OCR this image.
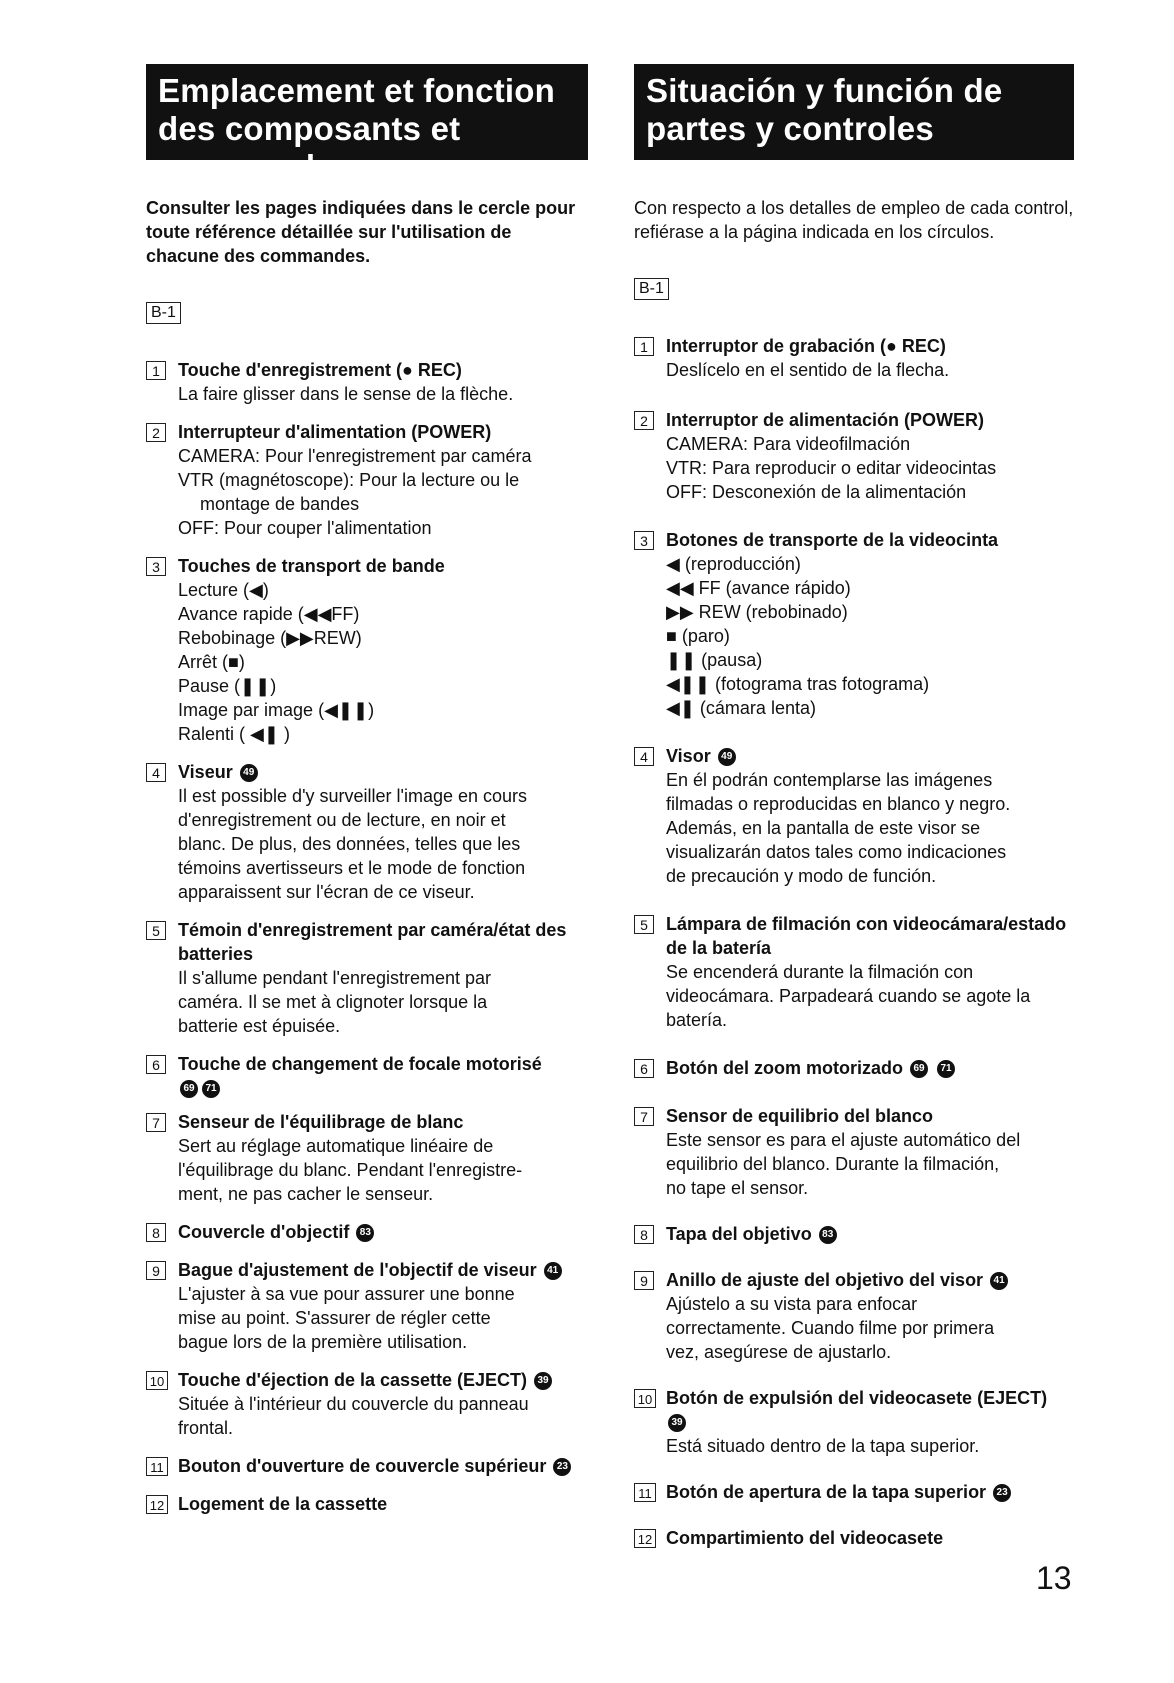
Emplacement et fonction des composants et commandes
Consulter les pages indiquées dans le cercle pour toute référence détaillée sur l'utilisation de chacune des commandes.
B-1
1	Touche d'enregistrement (● REC)
La faire glisser dans le sense de la flèche.
2	Interrupteur d'alimentation (POWER)
CAMERA: Pour l'enregistrement par caméra
VTR (magnétoscope): Pour la lecture ou le
montage de bandes
OFF: Pour couper l'alimentation
3	Touches de transport de bande
Lecture (◀)
Avance rapide (◀◀FF)
Rebobinage (▶▶REW)
Arrêt (■)
Pause (❚❚)
Image par image (◀❚❚)
Ralenti ( ◀❚ )
4	Viseur 49
Il est possible d'y surveiller l'image en cours
d'enregistrement ou de lecture, en noir et
blanc. De plus, des données, telles que les
témoins avertisseurs et le mode de fonction
apparaissent sur l'écran de ce viseur.
5	Témoin d'enregistrement par caméra/état des batteries
Il s'allume pendant l'enregistrement par
caméra. Il se met à clignoter lorsque la
batterie est épuisée.
6	Touche de changement de focale motorisé
69 71
7	Senseur de l'équilibrage de blanc
Sert au réglage automatique linéaire de
l'équilibrage du blanc. Pendant l'enregistre-
ment, ne pas cacher le senseur.
8	Couvercle d'objectif 83
9	Bague d'ajustement de l'objectif de viseur 41
L'ajuster à sa vue pour assurer une bonne
mise au point. S'assurer de régler cette
bague lors de la première utilisation.
10 Touche d'éjection de la cassette (EJECT) 39
Située à l'intérieur du couvercle du panneau
frontal.
11 Bouton d'ouverture de couvercle supérieur 23
12 Logement de la cassette
Situación y función de partes y controles
Con respecto a los detalles de empleo de cada control, refiérase a la página indicada en los círculos.
B-1
1	Interruptor de grabación (● REC)
Deslícelo en el sentido de la flecha.
2	Interruptor de alimentación (POWER)
CAMERA: Para videofilmación
VTR: Para reproducir o editar videocintas
OFF: Desconexión de la alimentación
3	Botones de transporte de la videocinta
◀ (reproducción)
◀◀ FF (avance rápido)
▶▶ REW (rebobinado)
■ (paro)
❚❚ (pausa)
◀❚❚ (fotograma tras fotograma)
◀❚ (cámara lenta)
4	Visor 49
En él podrán contemplarse las imágenes
filmadas o reproducidas en blanco y negro.
Además, en la pantalla de este visor se
visualizarán datos tales como indicaciones
de precaución y modo de función.
5	Lámpara de filmación con videocámara/estado de la batería
Se encenderá durante la filmación con
videocámara. Parpadeará cuando se agote la
batería.
6	Botón del zoom motorizado 69 71
7	Sensor de equilibrio del blanco
Este sensor es para el ajuste automático del
equilibrio del blanco. Durante la filmación,
no tape el sensor.
8	Tapa del objetivo 83
9	Anillo de ajuste del objetivo del visor 41
Ajústelo a su vista para enfocar
correctamente. Cuando filme por primera
vez, asegúrese de ajustarlo.
10 Botón de expulsión del videocasete (EJECT)
39
Está situado dentro de la tapa superior.
11 Botón de apertura de la tapa superior 23
12 Compartimiento del videocasete
13
